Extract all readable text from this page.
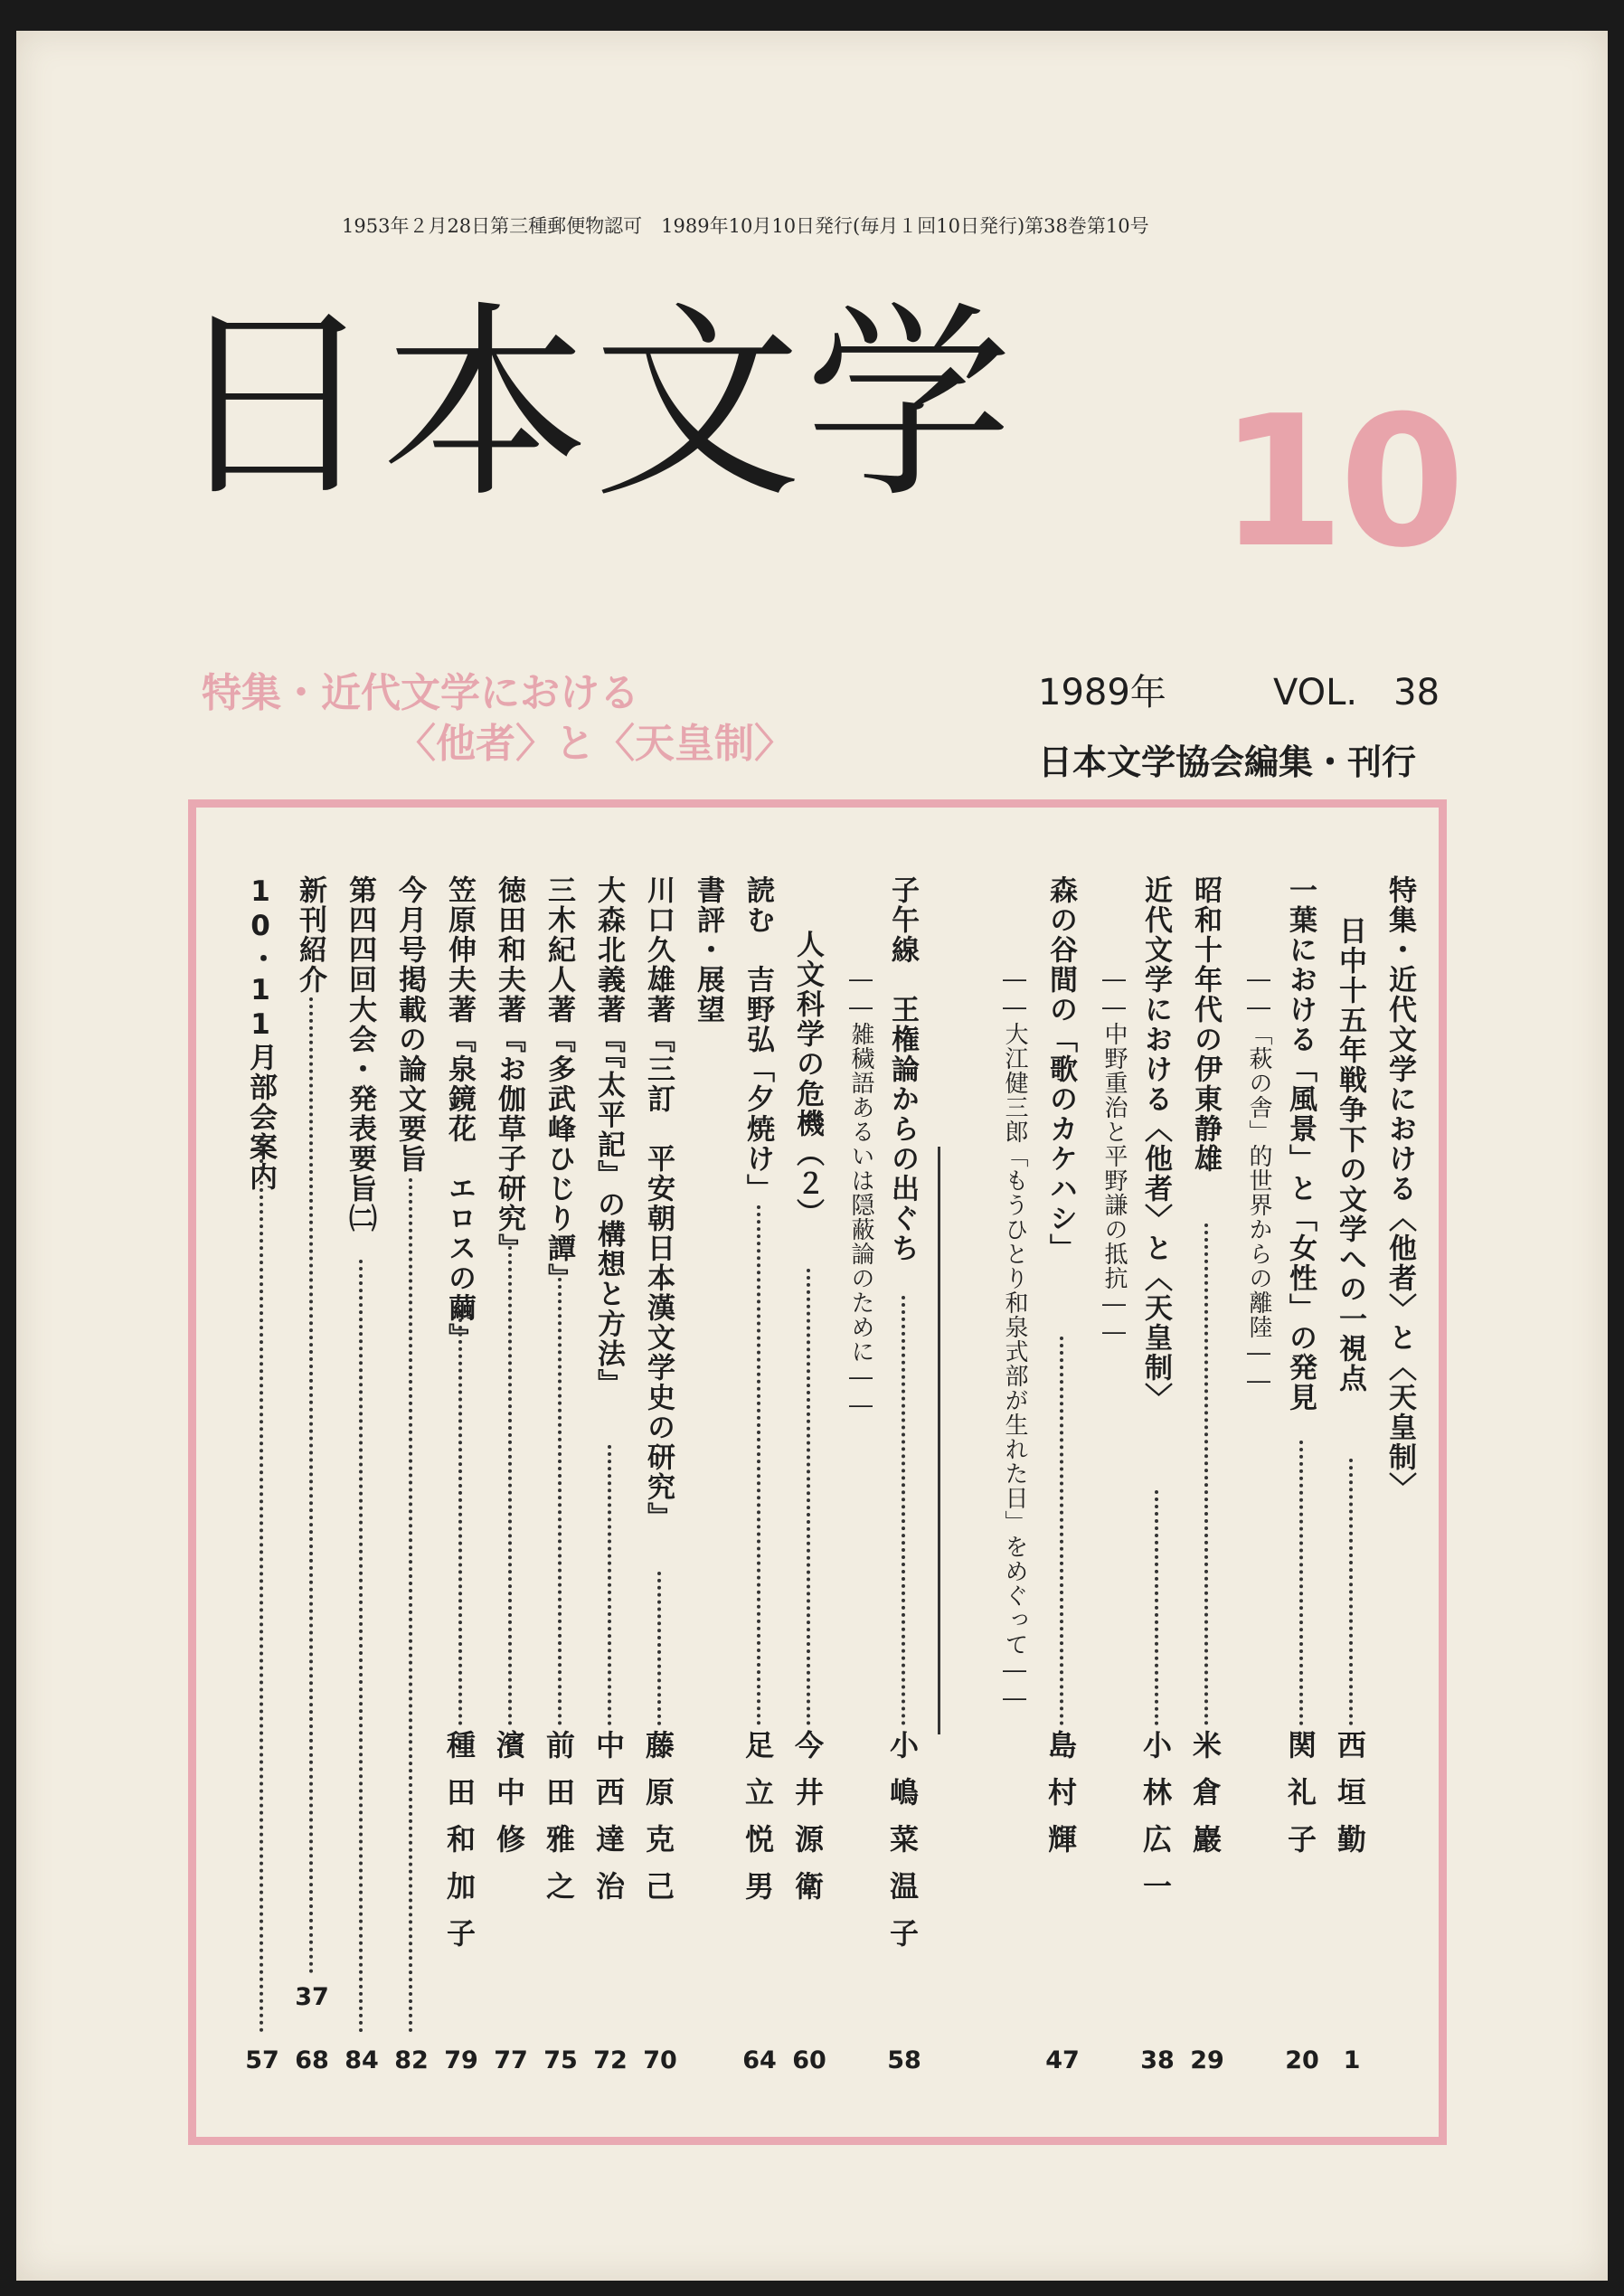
1953年２月28日第三種郵便物認可　1989年10月10日発行(毎月１回10日発行)第38巻第10号
日本文学 10
特集・近代文学における
〈他者〉と〈天皇制〉
1989年	VOL.　38
日本文学協会編集・刊行
特集・近代文学における〈他者〉と〈天皇制〉
日中十五年戦争下の文学への一視点
西垣勤
1
一葉における「風景」と「女性」の発見
関礼子
20
――「萩の舎」的世界からの離陸――
昭和十年代の伊東静雄
米倉巖
29
近代文学における〈他者〉と〈天皇制〉
小林広一
38
――中野重治と平野謙の抵抗――
森の谷間の「歌のカケハシ」
島村輝
47
――大江健三郎「もうひとり和泉式部が生れた日」をめぐって――
子午線　王権論からの出ぐち
小嶋菜温子
58
――雑穢語あるいは隠蔽論のために――
人文科学の危機（２）
今井源衛
60
読む　吉野弘「夕焼け」
足立悦男
64
書評・展望
川口久雄著『三訂　平安朝日本漢文学史の研究』
藤原克己
70
大森北義著『『太平記』の構想と方法』
中西達治
72
三木紀人著『多武峰ひじり譚』
前田雅之
75
徳田和夫著『お伽草子研究』
濱中修
77
笠原伸夫著『泉鏡花　エロスの繭』
種田和加子
79
今月号掲載の論文要旨
82
第四四回大会・発表要旨㈡
84
新刊紹介
37
68
10・11月部会案内
57
